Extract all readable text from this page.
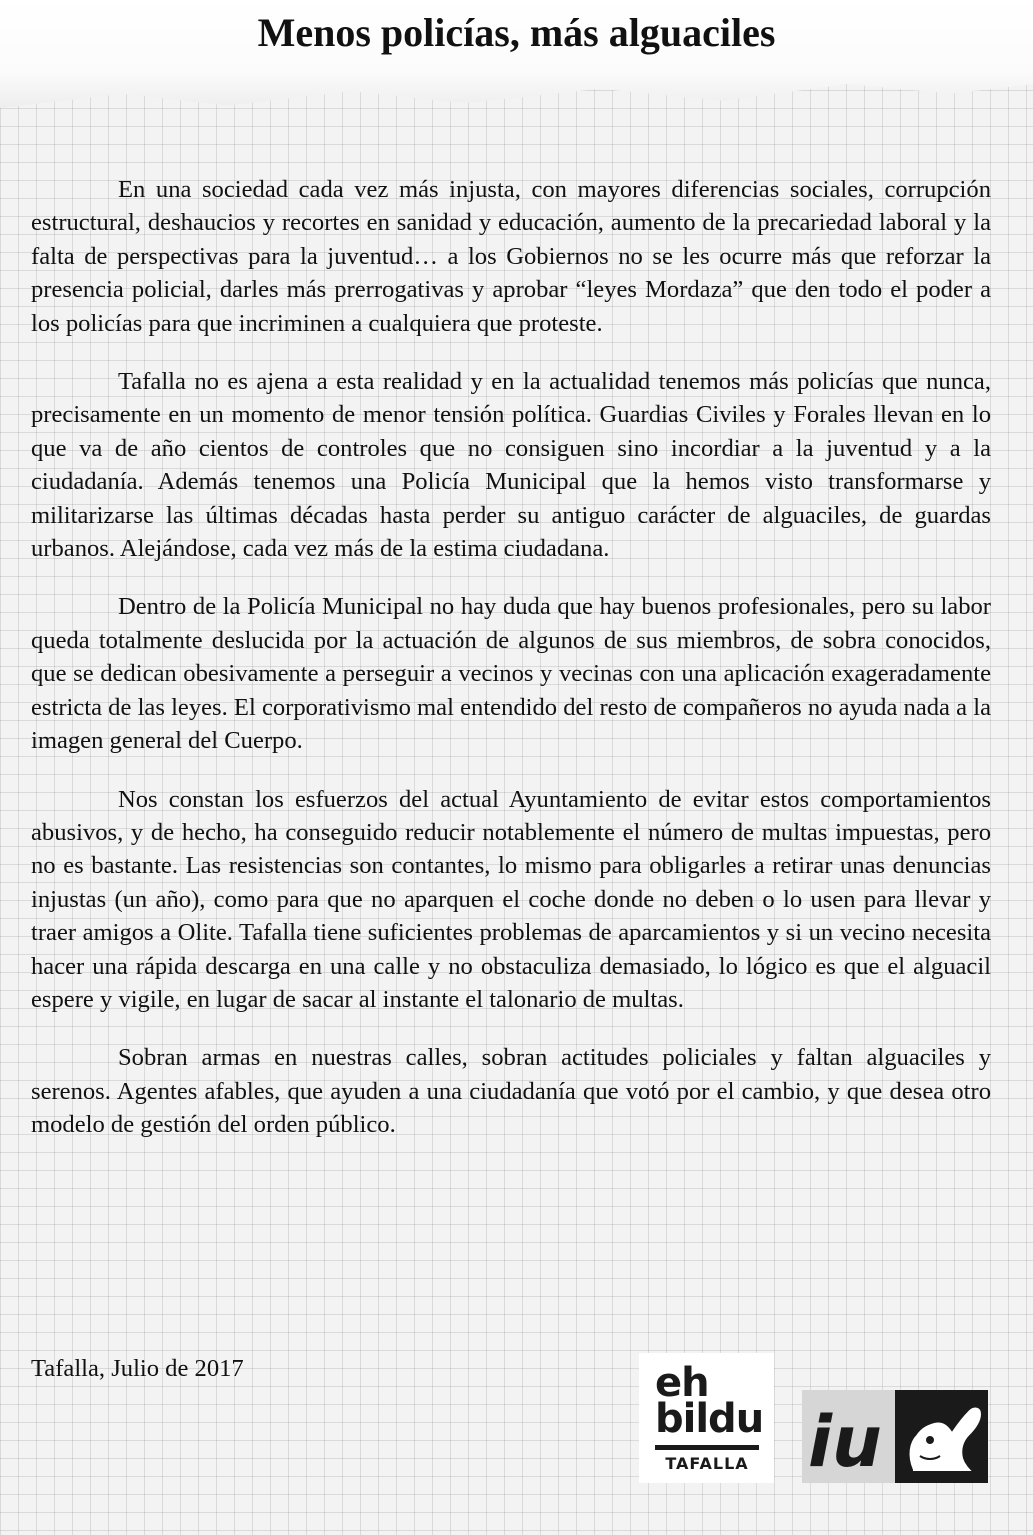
Menos policías, más alguaciles

En una sociedad cada vez más injusta, con mayores diferencias sociales, corrupción estructural, deshaucios y recortes en sanidad y educación, aumento de la precariedad laboral y la falta de perspectivas para la juventud… a los Gobiernos no se les ocurre más que reforzar la presencia policial, darles más prerrogativas y aprobar “leyes Mordaza” que den todo el poder a los policías para que incriminen a cualquiera que proteste.

Tafalla no es ajena a esta realidad y en la actualidad tenemos más policías que nunca, precisamente en un momento de menor tensión política. Guardias Civiles y Forales llevan en lo que va de año cientos de controles que no consiguen sino incordiar a la juventud y a la ciudadanía. Además tenemos una Policía Municipal que la hemos visto transformarse y militarizarse las últimas décadas hasta perder su antiguo carácter de alguaciles, de guardas urbanos. Alejándose, cada vez más de la estima ciudadana.

Dentro de la Policía Municipal no hay duda que hay buenos profesionales, pero su labor queda totalmente deslucida por la actuación de algunos de sus miembros, de sobra conocidos, que se dedican obesivamente a perseguir a vecinos y vecinas con una aplicación exageradamente estricta de las leyes. El corporativismo mal entendido del resto de compañeros no ayuda nada a la imagen general del Cuerpo.

Nos constan los esfuerzos del actual Ayuntamiento de evitar estos comportamientos abusivos, y de hecho, ha conseguido reducir notablemente el número de multas impuestas, pero no es bastante. Las resistencias son contantes, lo mismo para obligarles a retirar unas denuncias injustas (un año), como para que no aparquen el coche donde no deben o lo usen para llevar y traer amigos a Olite. Tafalla tiene suficientes problemas de aparcamientos y si un vecino necesita hacer una rápida descarga en una calle y no obstaculiza demasiado, lo lógico es que el alguacil espere y vigile, en lugar de sacar al instante el talonario de multas.

Sobran armas en nuestras calles, sobran actitudes policiales y faltan alguaciles y serenos. Agentes afables, que ayuden a una ciudadanía que votó por el cambio, y que desea otro modelo de gestión del orden público.

Tafalla, Julio de 2017	eh
bildu
TAFALLA iu
